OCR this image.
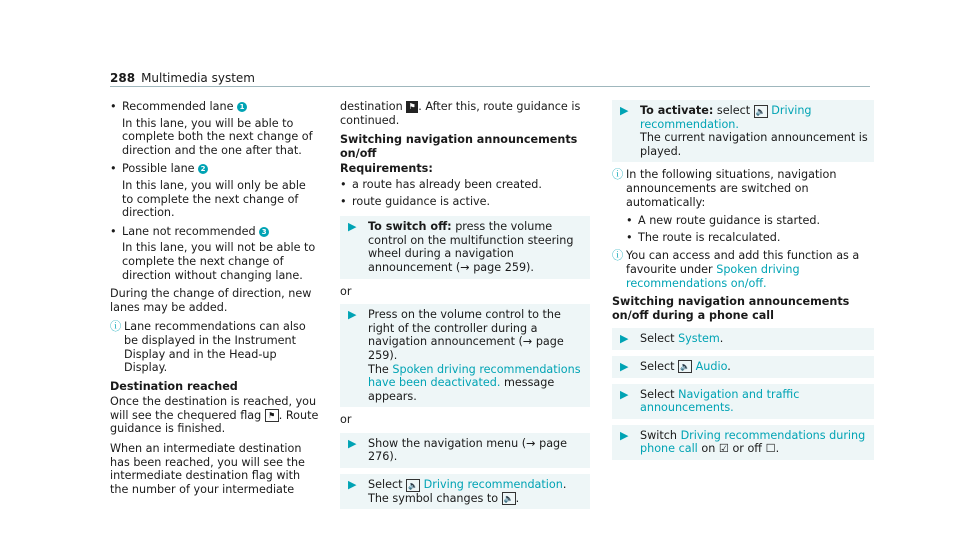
288 Multimedia system
• Recommended lane 1
In this lane, you will be able to complete both the next change of direction and the one after that.
• Possible lane 2
In this lane, you will only be able to complete the next change of direction.
• Lane not recommended 3
In this lane, you will not be able to complete the next change of direction without changing lane.

During the change of direction, new lanes may be added.

ⓘ Lane recommendations can also be displayed in the Instrument Display and in the Head-up Display.
Destination reached

Once the destination is reached, you will see the chequered flag ⚑ . Route guidance is finished.

When an intermediate destination has been reached, you will see the intermediate destination flag with the number of your intermediate

destination ⚑ . After this, route guidance is continued.

Switching navigation announcements on/off
Requirements:
• a route has already been created.
• route guidance is active.
▶ To switch off: press the volume control on the multifunction steering wheel during a navigation announcement (→ page 259).
or
▶ Press on the volume control to the right of the controller during a navigation announcement (→ page 259).
The Spoken driving recommendations have been deactivated. message appears.
or
▶ Show the navigation menu (→ page 276).
▶ Select 🔈 Driving recommendation.
The symbol changes to 🔈 .
▶ To activate: select 🔈 Driving recommendation.
The current navigation announcement is played.
ⓘ In the following situations, navigation announcements are switched on automatically:
• A new route guidance is started.
• The route is recalculated.
ⓘ You can access and add this function as a favourite under Spoken driving recommendations on/off.
Switching navigation announcements on/off during a phone call
▶ Select System.
▶ Select 🔈 Audio.
▶ Select Navigation and traffic announcements.
▶ Switch Driving recommendations during phone call on ☑ or off ☐.
